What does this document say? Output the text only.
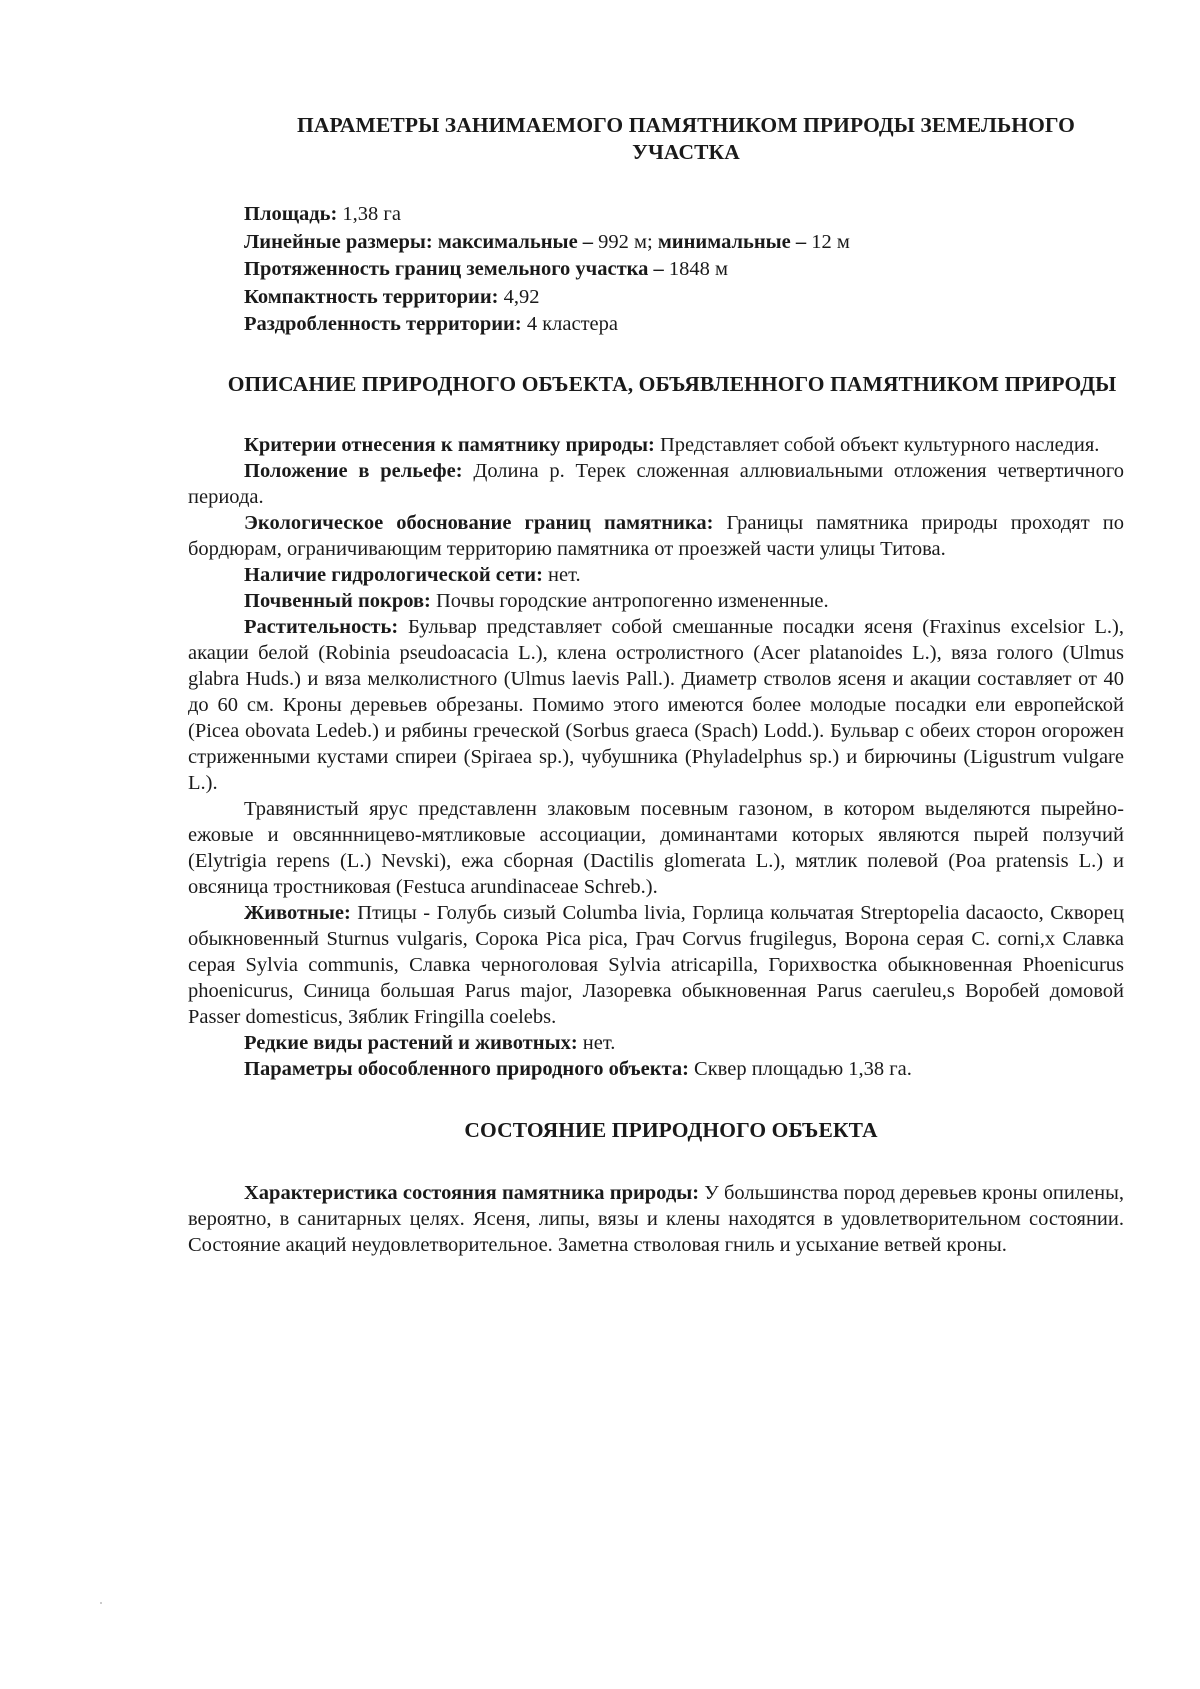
ПАРАМЕТРЫ ЗАНИМАЕМОГО ПАМЯТНИКОМ ПРИРОДЫ ЗЕМЕЛЬНОГО УЧАСТКА

Площадь: 1,38 га

Линейные размеры: максимальные – 992 м; минимальные – 12 м

Протяженность границ земельного участка – 1848 м

Компактность территории: 4,92

Раздробленность территории: 4 кластера

ОПИСАНИЕ ПРИРОДНОГО ОБЪЕКТА, ОБЪЯВЛЕННОГО ПАМЯТНИКОМ ПРИРОДЫ

Критерии отнесения к памятнику природы: Представляет собой объект культурного наследия.

Положение в рельефе: Долина р. Терек сложенная аллювиальными отложения четвертичного периода.

Экологическое обоснование границ памятника: Границы памятника природы проходят по бордюрам, ограничивающим территорию памятника от проезжей части улицы Титова.

Наличие гидрологической сети: нет.

Почвенный покров: Почвы городские антропогенно измененные.

Растительность: Бульвар представляет собой смешанные посадки ясеня (Fraxinus excelsior L.), акации белой (Robinia pseudoacacia L.), клена остролистного (Acer platanoides L.), вяза голого (Ulmus glabra Huds.) и вяза мелколистного (Ulmus laevis Pall.). Диаметр стволов ясеня и акации составляет от 40 до 60 см. Кроны деревьев обрезаны. Помимо этого имеются более молодые посадки ели европейской (Picea obovata Ledeb.) и рябины греческой (Sorbus graeca (Spach) Lodd.). Бульвар с обеих сторон огорожен стриженными кустами спиреи (Spiraea sp.), чубушника (Phyladelphus sp.) и бирючины (Ligustrum vulgare L.).

Травянистый ярус представленн злаковым посевным газоном, в котором выделяются пырейно-ежовые и овсяннницево-мятликовые ассоциации, доминантами которых являются пырей ползучий (Elytrigia repens (L.) Nevski), ежа сборная (Dactilis glomerata L.), мятлик полевой (Poa pratensis L.) и овсяница тростниковая (Festuca arundinaceae Schreb.).

Животные: Птицы - Голубь сизый Columba livia, Горлица кольчатая Streptopelia dacaocto, Скворец обыкновенный Sturnus vulgaris, Сорока Pica pica, Грач Corvus frugilegus, Ворона серая C. corni,x Славка серая Sylvia communis, Славка черноголовая Sylvia atricapilla, Горихвостка обыкновенная Phoenicurus phoenicurus, Синица большая Parus major, Лазоревка обыкновенная Parus caeruleu,s Воробей домовой Passer domesticus, Зяблик Fringilla coelebs.

Редкие виды растений и животных: нет.

Параметры обособленного природного объекта: Сквер площадью 1,38 га.

СОСТОЯНИЕ ПРИРОДНОГО ОБЪЕКТА

Характеристика состояния памятника природы: У большинства пород деревьев кроны опилены, вероятно, в санитарных целях. Ясеня, липы, вязы и клены находятся в удовлетворительном состоянии. Состояние акаций неудовлетворительное. Заметна стволовая гниль и усыхание ветвей кроны.
